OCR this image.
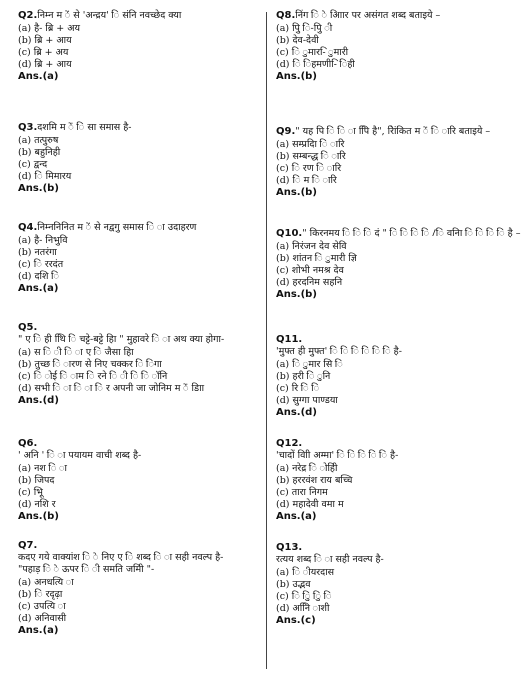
Q2.निम्न म ें से 'अन्द्रय' ि संनि नवच्छेद क्या
(a) है- ब्रि + अय
(b) ब्रि + आय
(c) ब्रि + अय
(d) ब्रि + आय
Ans.(a)
Q3.दशमि म ें ि सा समास है-
(a) तत्पुरुष
(b) बहुनिही
(c) द्वन्द
(d) ि मिमारय
Ans.(b)
Q4.निम्ननिनित म ें से नद्वगु समास ि ा उदाहरण
(a) है- निभुवि
(b) नतरंगा
(c) ि ररदंत
(d) दशि ि
Ans.(a)
Q5.
" ए ि ही थिि ि चट्टे-बट्टे हिा " मुहावरे ि ा अथ क्या होगा-
(a) स ि ी ि ा ए ि जैसा हिा
(b) तुच्छ ि ारण से निए चक्कर ि िगा
(c) ि ोई ि ाम ि रने ि ी ि ि ॉनि
(d) सभी ि ा ि ा ि र अपनी जा जोनिम म ें डािा
Ans.(d)
Q6.
' अनि ' ि ा पयायम वाची शब्द है-
(a) नश ि ा
(b) जिपद
(c) भूि
(d) नशि र
Ans.(b)
Q7.
कदए गये वाक्यांश ि े निए ए ि शब्द ि ा सही नवल्प है- "पहाड़ ि े ऊपर ि ी समति जमीि "-
(a) अनधत्यि ा
(b) ि रदृढ़ा
(c) उपत्यि ा
(d) अनिवासी
Ans.(a)
Q8.निंग ि े आिार पर असंगत शब्द बताइये –
(a) पुि ि-पुि ी
(b) देव-देवी
(c) ि ुमार-ि ुमारी
(d) ि िहमणी-ि िही
Ans.(b)
Q9." यह पि ि ि ा पिि है", रेिांकित म ें ि ारि बताइये –
(a) सम्प्रदाि ि ारि
(b) सम्बन्द्ध ि ारि
(c) ि रण ि ारि
(d) ि म ि ारि
Ans.(b)
Q10." किरनमय ि ि ि दं " ि ि ि ि /ि वनिा ि ि ि ि है –
(a) निरंजन देव सेवि
(b) शांतन ि ुमारी ज्ञि
(c) शोभी नमश्र देव
(d) हरदनिम सहनि
Ans.(b)
Q11.
'मुफ्त ही मुफ्त' ि ि ि ि ि ि है-
(a) ि ुमार सि ि
(b) हरी ि ुनि
(c) रि ि ि
(d) सुग्गा पाण्डया
Ans.(d)
Q12.
'चादों वािी अम्मा' ि ि ि ि ि है-
(a) नरेद्र ि ोहिी
(b) हररवंश राय बच्चि
(c) तारा निगम
(d) महादेवी वमा म
Ans.(a)
Q13.
रत्यय शब्द ि ा सही नवल्प है-
(a) ि ीयरदास
(b) उद्भव
(c) ि ुि ुि ि
(d) अनिि ाशी
Ans.(c)
